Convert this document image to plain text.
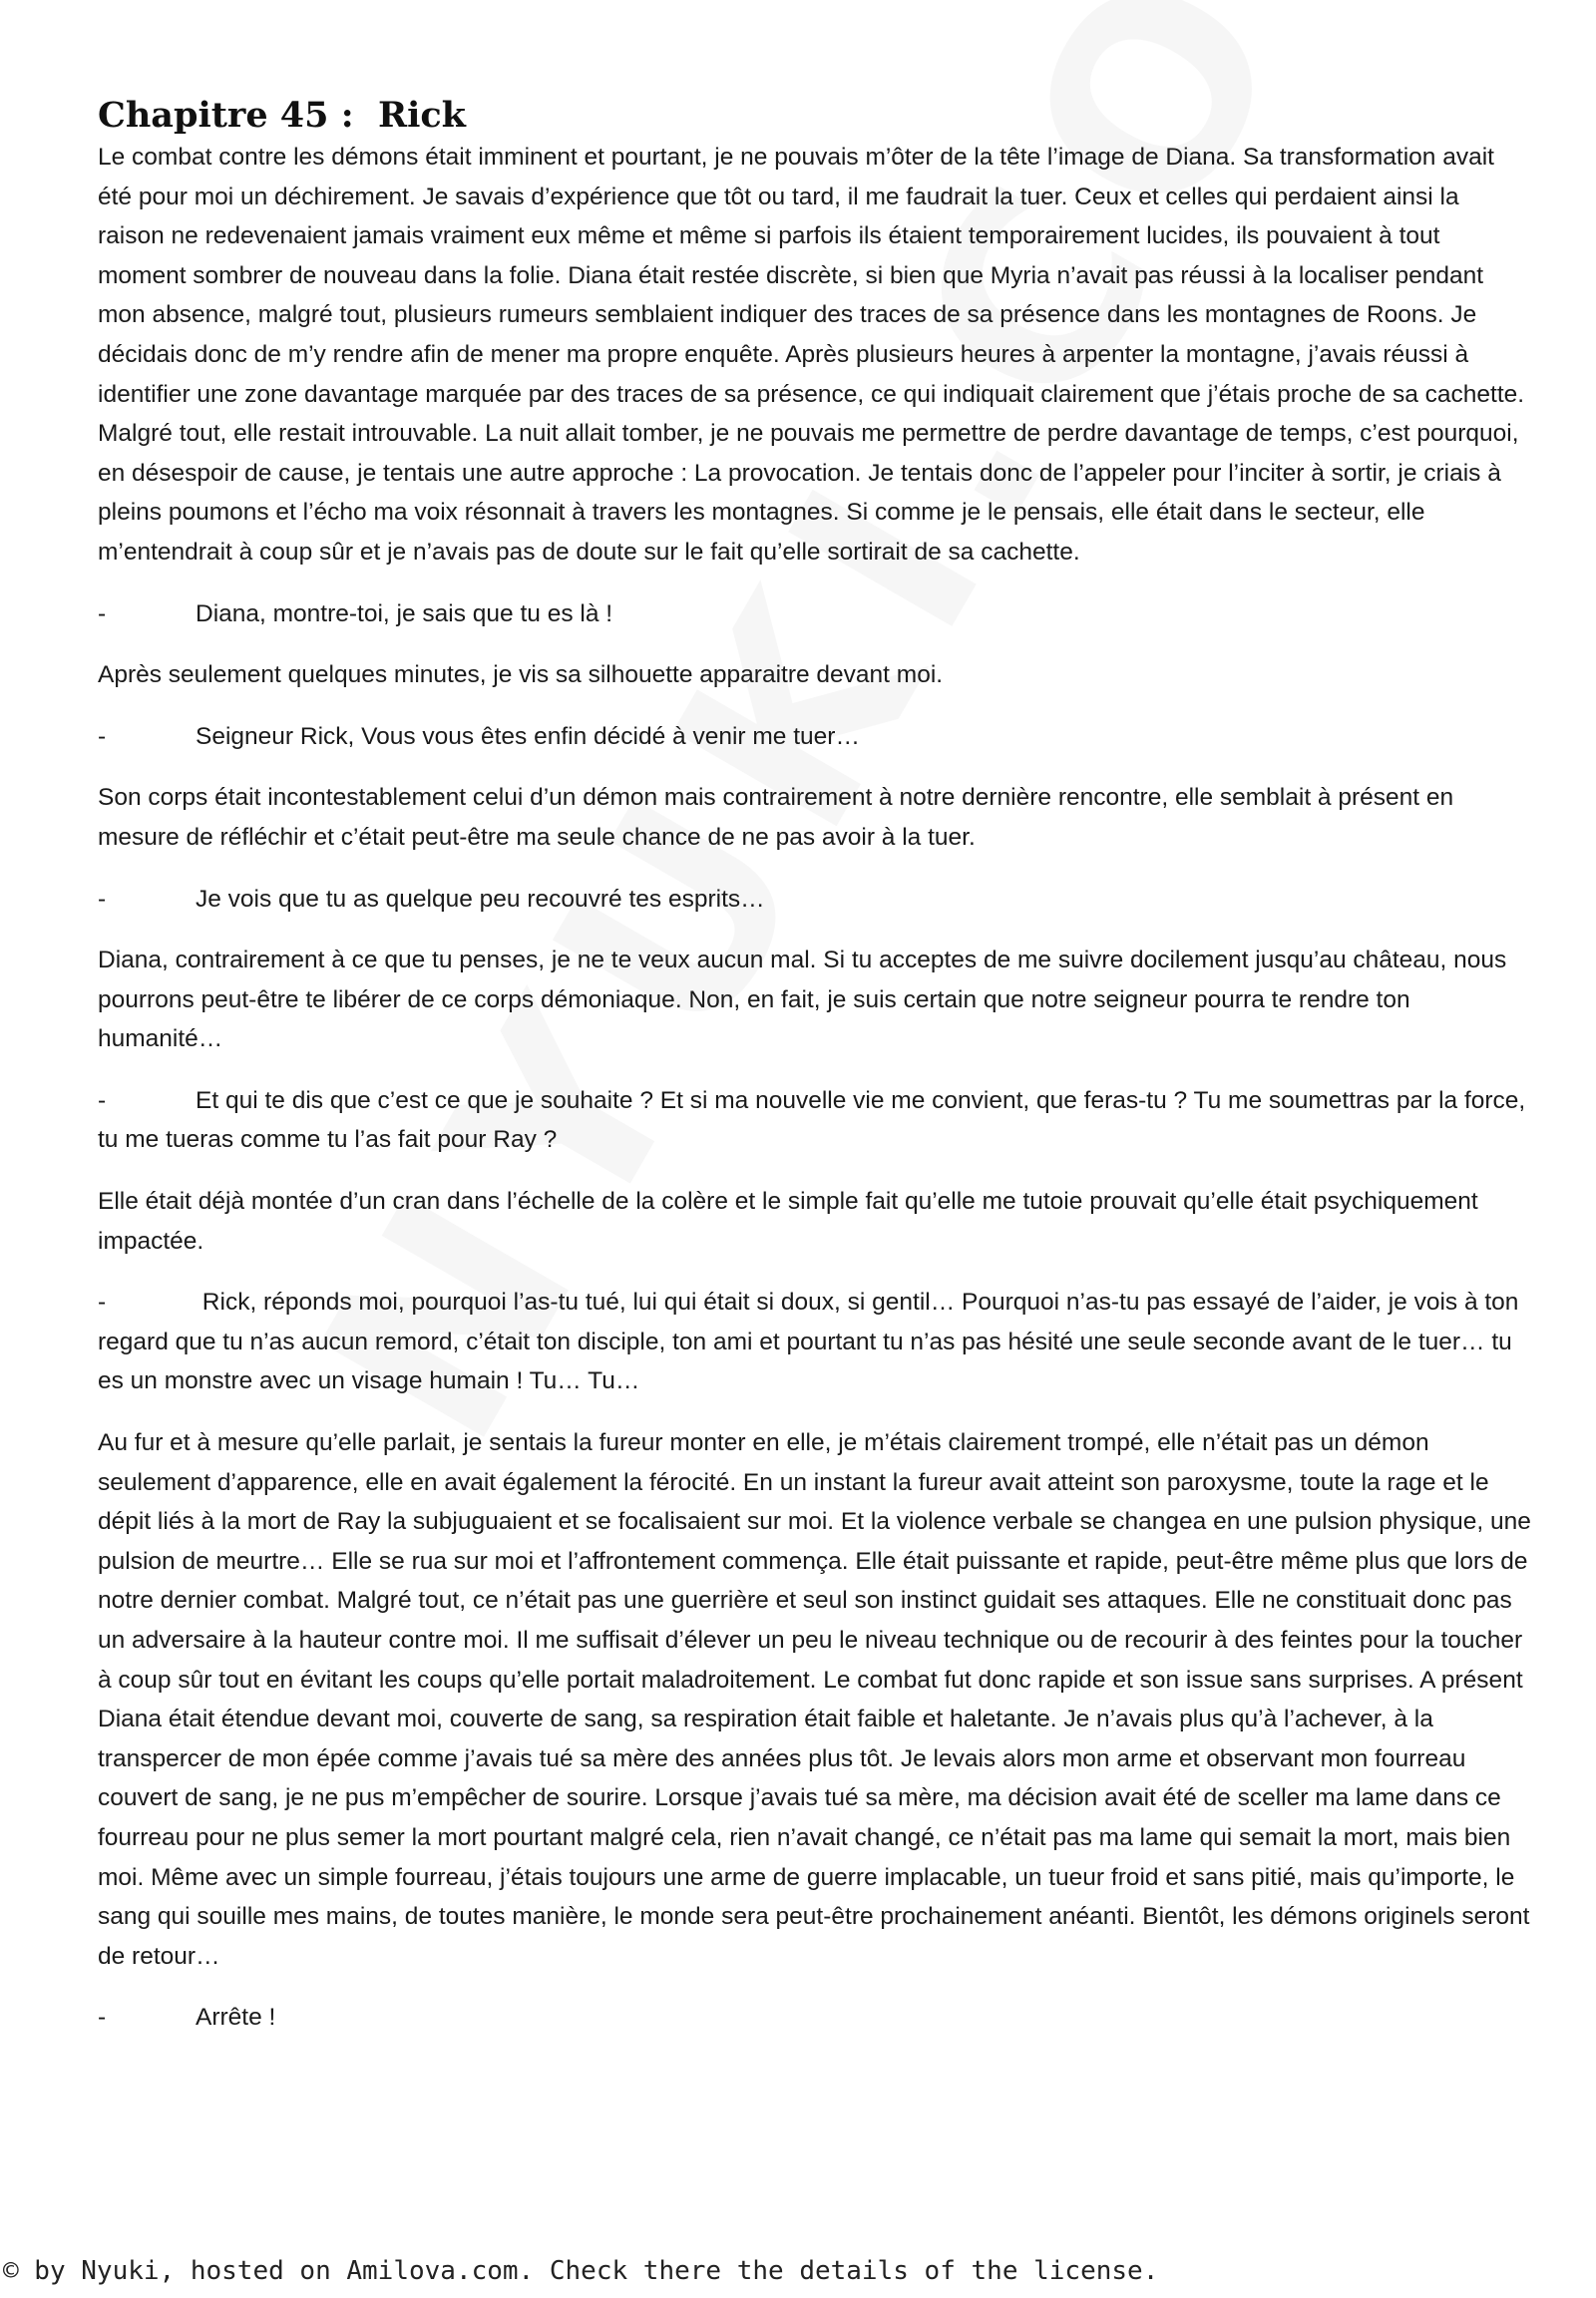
Chapitre 45 :  Rick

Le combat contre les démons était imminent et pourtant, je ne pouvais m’ôter de la tête l’image de Diana. Sa transformation avait été pour moi un déchirement. Je savais d’expérience que tôt ou tard, il me faudrait la tuer. Ceux et celles qui perdaient ainsi la raison ne redevenaient jamais vraiment eux même et même si parfois ils étaient temporairement lucides, ils pouvaient à tout moment sombrer de nouveau dans la folie. Diana était restée discrète, si bien que Myria n’avait pas réussi à la localiser pendant mon absence, malgré tout, plusieurs rumeurs semblaient indiquer des traces de sa présence dans les montagnes de Roons. Je décidais donc de m’y rendre afin de mener ma propre enquête. Après plusieurs heures à arpenter la montagne, j’avais réussi à identifier une zone davantage marquée par des traces de sa présence, ce qui indiquait clairement que j’étais proche de sa cachette. Malgré tout, elle restait introuvable. La nuit allait tomber, je ne pouvais me permettre de perdre davantage de temps, c’est pourquoi, en désespoir de cause, je tentais une autre approche : La provocation. Je tentais donc de l’appeler pour l’inciter à sortir, je criais à pleins poumons et l’écho ma voix résonnait à travers les montagnes. Si comme je le pensais, elle était dans le secteur, elle m’entendrait à coup sûr et je n’avais pas de doute sur le fait qu’elle sortirait de sa cachette.

-	Diana, montre-toi, je sais que tu es là !

Après seulement quelques minutes, je vis sa silhouette apparaitre devant moi.

-	Seigneur Rick, Vous vous êtes enfin décidé à venir me tuer…

Son corps était incontestablement celui d’un démon mais contrairement à notre dernière rencontre, elle semblait à présent en mesure de réfléchir et c’était peut-être ma seule chance de ne pas avoir à la tuer.

-	Je vois que tu as quelque peu recouvré tes esprits…

Diana, contrairement à ce que tu penses, je ne te veux aucun mal. Si tu acceptes de me suivre docilement jusqu’au château, nous pourrons peut-être te libérer de ce corps démoniaque. Non, en fait, je suis certain que notre seigneur pourra te rendre ton humanité…

-	Et qui te dis que c’est ce que je souhaite ? Et si ma nouvelle vie me convient, que feras-tu ? Tu me soumettras par la force, tu me tueras comme tu l’as fait pour Ray ?

Elle était déjà montée d’un cran dans l’échelle de la colère et le simple fait qu’elle me tutoie prouvait qu’elle était psychiquement impactée.

-	Rick, réponds moi, pourquoi l’as-tu tué, lui qui était si doux, si gentil… Pourquoi n’as-tu pas essayé de l’aider, je vois à ton regard que tu n’as aucun remord, c’était ton disciple, ton ami et pourtant tu n’as pas hésité une seule seconde avant de le tuer… tu es un monstre avec un visage humain ! Tu… Tu…

Au fur et à mesure qu’elle parlait, je sentais la fureur monter en elle, je m’étais clairement trompé, elle n’était pas un démon seulement d’apparence, elle en avait également la férocité. En un instant la fureur avait atteint son paroxysme, toute la rage et le dépit liés à la mort de Ray la subjuguaient et se focalisaient sur moi. Et la violence verbale se changea en une pulsion physique, une pulsion de meurtre… Elle se rua sur moi et l’affrontement commença. Elle était puissante et rapide, peut-être même plus que lors de notre dernier combat. Malgré tout, ce n’était pas une guerrière et seul son instinct guidait ses attaques. Elle ne constituait donc pas un adversaire à la hauteur contre moi. Il me suffisait d’élever un peu le niveau technique ou de recourir à des feintes pour la toucher à coup sûr tout en évitant les coups qu’elle portait maladroitement. Le combat fut donc rapide et son issue sans surprises. A présent Diana était étendue devant moi, couverte de sang, sa respiration était faible et haletante. Je n’avais plus qu’à l’achever, à la transpercer de mon épée comme j’avais tué sa mère des années plus tôt. Je levais alors mon arme et observant mon fourreau couvert de sang, je ne pus m’empêcher de sourire. Lorsque j’avais tué sa mère, ma décision avait été de sceller ma lame dans ce fourreau pour ne plus semer la mort pourtant malgré cela, rien n’avait changé, ce n’était pas ma lame qui semait la mort, mais bien moi. Même avec un simple fourreau, j’étais toujours une arme de guerre implacable, un tueur froid et sans pitié, mais qu’importe, le sang qui souille mes mains, de toutes manière, le monde sera peut-être prochainement anéanti. Bientôt, les démons originels seront de retour…

-	Arrête !
© by Nyuki, hosted on Amilova.com. Check there the details of the license.
